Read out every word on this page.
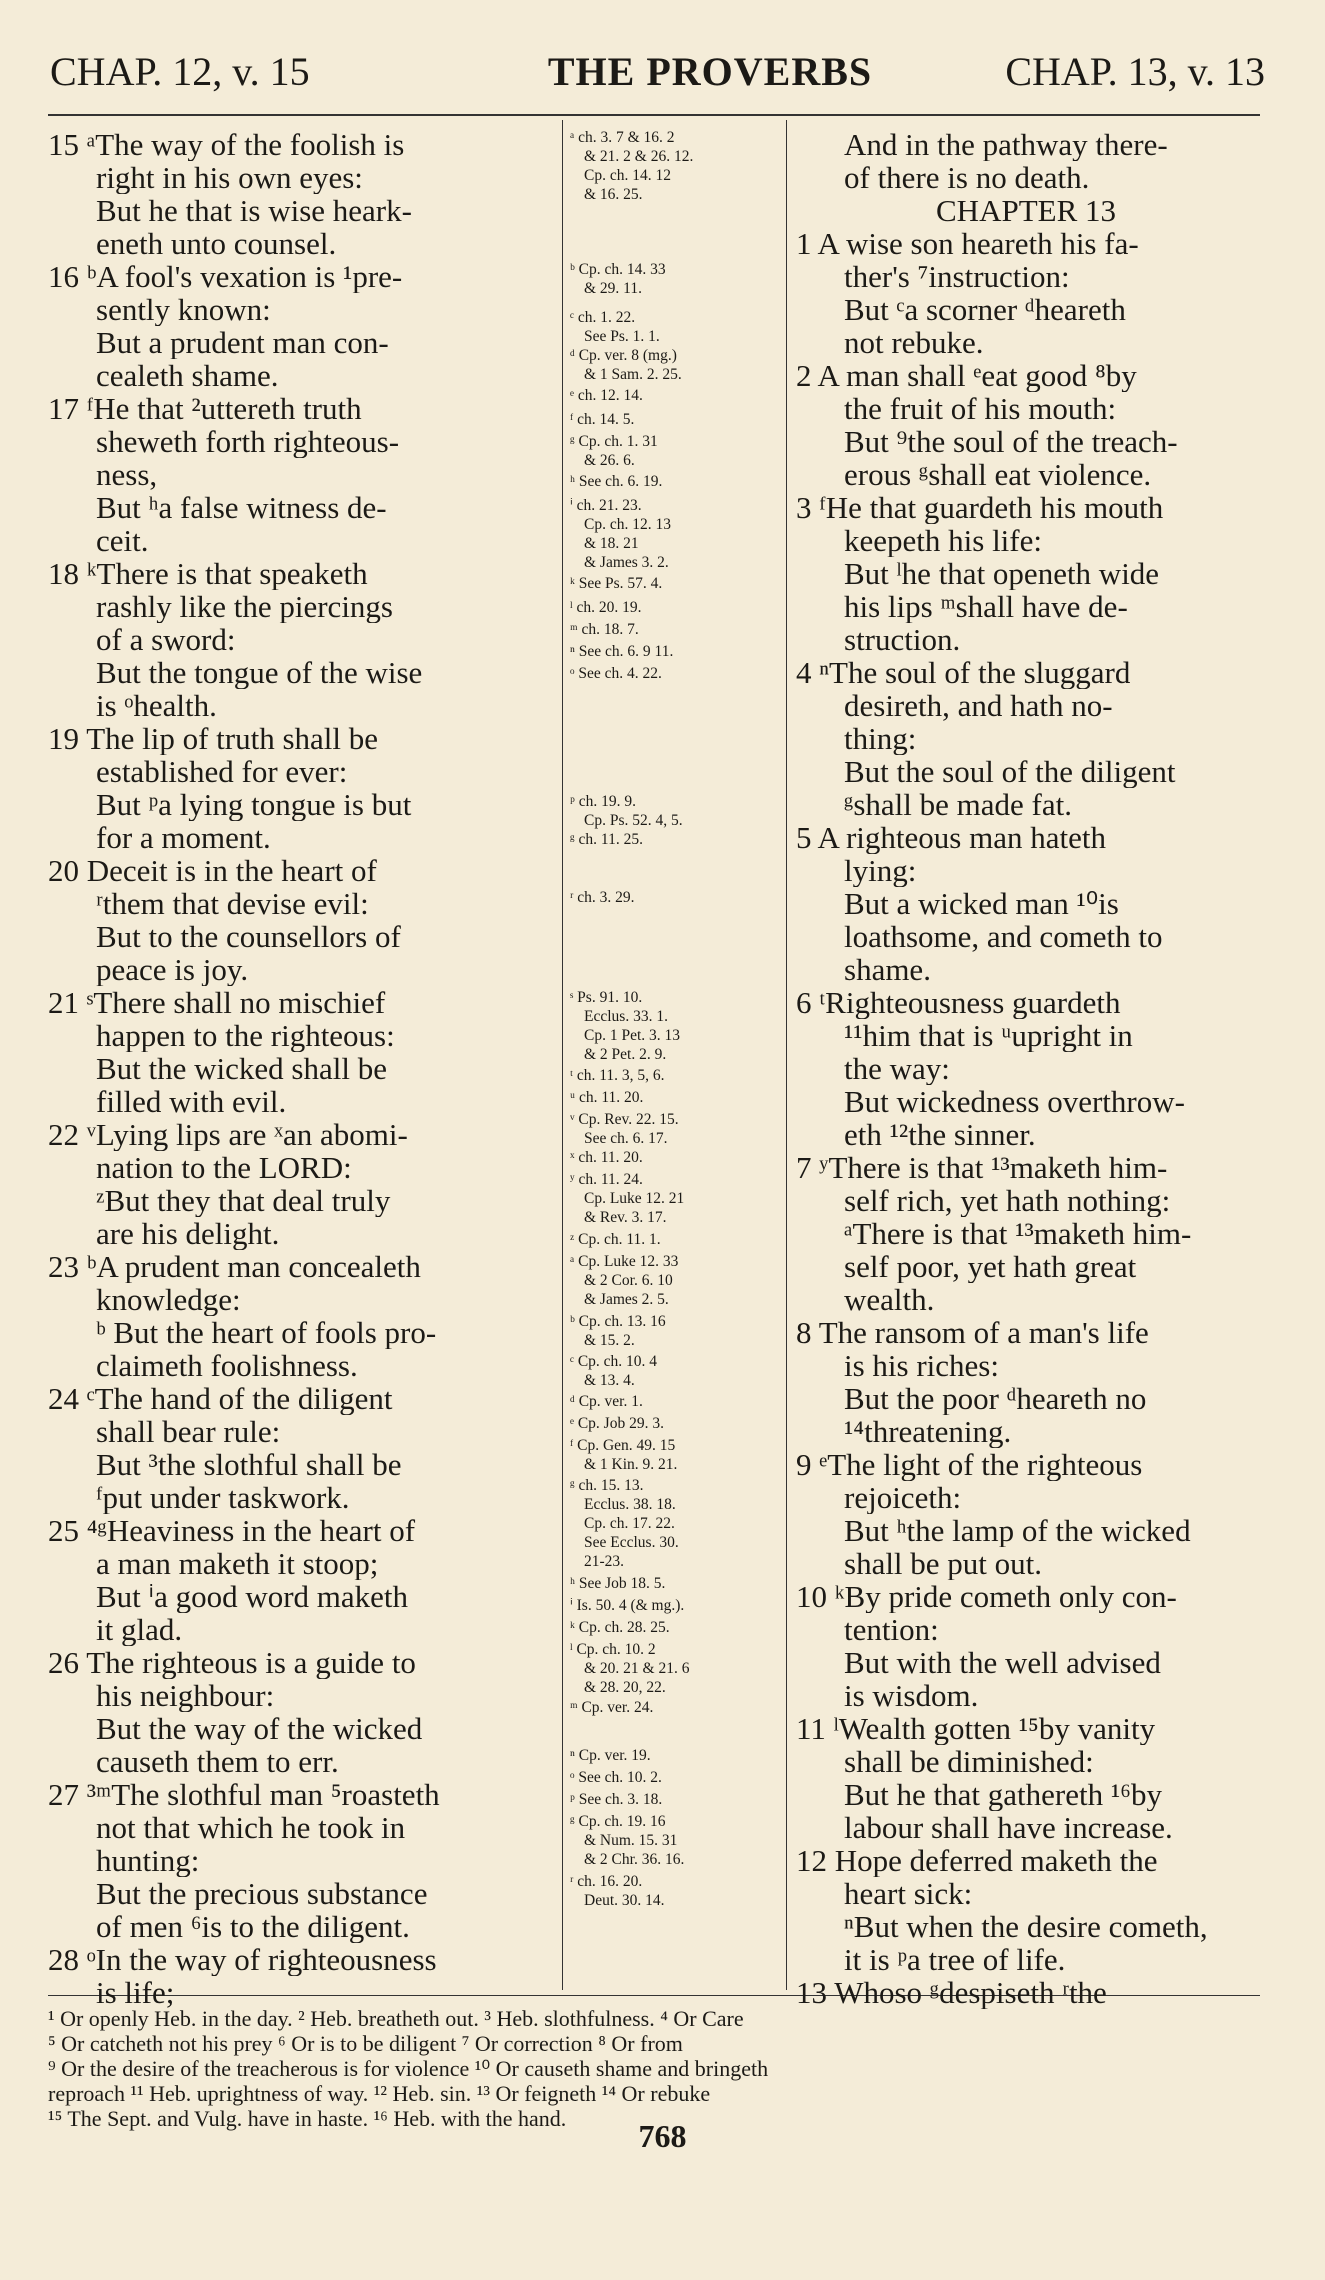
CHAP. 12, v. 15	THE PROVERBS	CHAP. 13, v. 13
15 ᵃThe way of the foolish is
right in his own eyes:
But he that is wise heark-
eneth unto counsel.
16 ᵇA fool's vexation is ¹pre-
sently known:
But a prudent man con-
cealeth shame.
17 ᶠHe that ²uttereth truth
sheweth forth righteous-
ness,
But ʰa false witness de-
ceit.
18 ᵏThere is that speaketh
rashly like the piercings
of a sword:
But the tongue of the wise
is ᵒhealth.
19 The lip of truth shall be
established for ever:
But ᵖa lying tongue is but
for a moment.
20 Deceit is in the heart of
ʳthem that devise evil:
But to the counsellors of
peace is joy.
21 ˢThere shall no mischief
happen to the righteous:
But the wicked shall be
filled with evil.
22 ᵛLying lips are ˣan abomi-
nation to the LORD:
ᶻBut they that deal truly
are his delight.
23 ᵇA prudent man concealeth
knowledge:
ᵇ But the heart of fools pro-
claimeth foolishness.
24 ᶜThe hand of the diligent
shall bear rule:
But ³the slothful shall be
ᶠput under taskwork.
25 ⁴ᵍHeaviness in the heart of
a man maketh it stoop;
But ⁱa good word maketh
it glad.
26 The righteous is a guide to
his neighbour:
But the way of the wicked
causeth them to err.
27 ³ᵐThe slothful man ⁵roasteth
not that which he took in
hunting:
But the precious substance
of men ⁶is to the diligent.
28 ᵒIn the way of righteousness
is life;
ᵃ ch. 3. 7 & 16. 2
& 21. 2 & 26. 12.
Cp. ch. 14. 12
& 16. 25.
ᵇ Cp. ch. 14. 33
& 29. 11.
ᶜ ch. 1. 22.
See Ps. 1. 1.
ᵈ Cp. ver. 8 (mg.)
& 1 Sam. 2. 25.
ᵉ ch. 12. 14.
ᶠ ch. 14. 5.
ᵍ Cp. ch. 1. 31
& 26. 6.
ʰ See ch. 6. 19.
ⁱ ch. 21. 23.
Cp. ch. 12. 13
& 18. 21
& James 3. 2.
ᵏ See Ps. 57. 4.
ˡ ch. 20. 19.
ᵐ ch. 18. 7.
ⁿ See ch. 6. 9 11.
ᵒ See ch. 4. 22.
ᵖ ch. 19. 9.
Cp. Ps. 52. 4, 5.
ᵍ ch. 11. 25.
ʳ ch. 3. 29.
ˢ Ps. 91. 10.
Ecclus. 33. 1.
Cp. 1 Pet. 3. 13
& 2 Pet. 2. 9.
ᵗ ch. 11. 3, 5, 6.
ᵘ ch. 11. 20.
ᵛ Cp. Rev. 22. 15.
See ch. 6. 17.
ˣ ch. 11. 20.
ʸ ch. 11. 24.
Cp. Luke 12. 21
& Rev. 3. 17.
ᶻ Cp. ch. 11. 1.
ᵃ Cp. Luke 12. 33
& 2 Cor. 6. 10
& James 2. 5.
ᵇ Cp. ch. 13. 16
& 15. 2.
ᶜ Cp. ch. 10. 4
& 13. 4.
ᵈ Cp. ver. 1.
ᵉ Cp. Job 29. 3.
ᶠ Cp. Gen. 49. 15
& 1 Kin. 9. 21.
ᵍ ch. 15. 13.
Ecclus. 38. 18.
Cp. ch. 17. 22.
See Ecclus. 30.
21-23.
ʰ See Job 18. 5.
ⁱ Is. 50. 4 (& mg.).
ᵏ Cp. ch. 28. 25.
ˡ Cp. ch. 10. 2
& 20. 21 & 21. 6
& 28. 20, 22.
ᵐ Cp. ver. 24.
ⁿ Cp. ver. 19.
ᵒ See ch. 10. 2.
ᵖ See ch. 3. 18.
ᵍ Cp. ch. 19. 16
& Num. 15. 31
& 2 Chr. 36. 16.
ʳ ch. 16. 20.
Deut. 30. 14.
And in the pathway there-
of there is no death.
CHAPTER 13
1 A wise son heareth his fa-
ther's ⁷instruction:
But ᶜa scorner ᵈheareth
not rebuke.
2 A man shall ᵉeat good ⁸by
the fruit of his mouth:
But ⁹the soul of the treach-
erous ᵍshall eat violence.
3 ᶠHe that guardeth his mouth
keepeth his life:
But ˡhe that openeth wide
his lips ᵐshall have de-
struction.
4 ⁿThe soul of the sluggard
desireth, and hath no-
thing:
But the soul of the diligent
ᵍshall be made fat.
5 A righteous man hateth
lying:
But a wicked man ¹⁰is
loathsome, and cometh to
shame.
6 ᵗRighteousness guardeth
¹¹him that is ᵘupright in
the way:
But wickedness overthrow-
eth ¹²the sinner.
7 ʸThere is that ¹³maketh him-
self rich, yet hath nothing:
ᵃThere is that ¹³maketh him-
self poor, yet hath great
wealth.
8 The ransom of a man's life
is his riches:
But the poor ᵈheareth no
¹⁴threatening.
9 ᵉThe light of the righteous
rejoiceth:
But ʰthe lamp of the wicked
shall be put out.
10 ᵏBy pride cometh only con-
tention:
But with the well advised
is wisdom.
11 ˡWealth gotten ¹⁵by vanity
shall be diminished:
But he that gathereth ¹⁶by
labour shall have increase.
12 Hope deferred maketh the
heart sick:
ⁿBut when the desire cometh,
it is ᵖa tree of life.
13 Whoso ᵍdespiseth ʳthe
¹ Or openly Heb. in the day. ² Heb. breatheth out. ³ Heb. slothfulness. ⁴ Or Care
⁵ Or catcheth not his prey ⁶ Or is to be diligent ⁷ Or correction ⁸ Or from
⁹ Or the desire of the treacherous is for violence ¹⁰ Or causeth shame and bringeth
reproach ¹¹ Heb. uprightness of way. ¹² Heb. sin. ¹³ Or feigneth ¹⁴ Or rebuke
¹⁵ The Sept. and Vulg. have in haste. ¹⁶ Heb. with the hand.	768
